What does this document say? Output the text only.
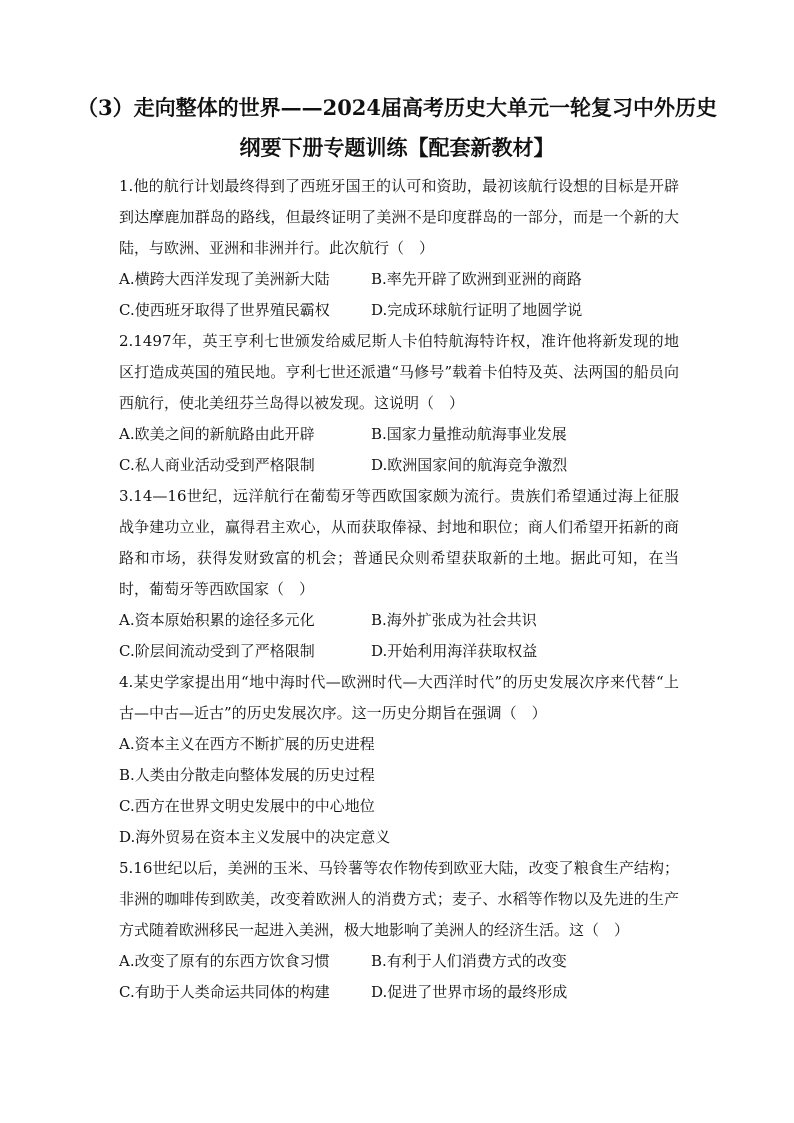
（3）走向整体的世界——2024届高考历史大单元一轮复习中外历史
纲要下册专题训练【配套新教材】

1.他的航行计划最终得到了西班牙国王的认可和资助，最初该航行设想的目标是开辟到达摩鹿加群岛的路线，但最终证明了美洲不是印度群岛的一部分，而是一个新的大陆，与欧洲、亚洲和非洲并行。此次航行（　）

A.横跨大西洋发现了美洲新大陆	B.率先开辟了欧洲到亚洲的商路
C.使西班牙取得了世界殖民霸权	D.完成环球航行证明了地圆学说

2.1497年，英王亨利七世颁发给威尼斯人卡伯特航海特许权，准许他将新发现的地区打造成英国的殖民地。亨利七世还派遣“马修号”载着卡伯特及英、法两国的船员向西航行，使北美纽芬兰岛得以被发现。这说明（　）

A.欧美之间的新航路由此开辟	B.国家力量推动航海事业发展
C.私人商业活动受到严格限制	D.欧洲国家间的航海竞争激烈

3.14—16世纪，远洋航行在葡萄牙等西欧国家颇为流行。贵族们希望通过海上征服战争建功立业，赢得君主欢心，从而获取俸禄、封地和职位；商人们希望开拓新的商路和市场，获得发财致富的机会；普通民众则希望获取新的土地。据此可知，在当时，葡萄牙等西欧国家（　）

A.资本原始积累的途径多元化	B.海外扩张成为社会共识
C.阶层间流动受到了严格限制	D.开始利用海洋获取权益

4.某史学家提出用“地中海时代—欧洲时代—大西洋时代”的历史发展次序来代替“上古—中古—近古”的历史发展次序。这一历史分期旨在强调（　）

A.资本主义在西方不断扩展的历史进程

B.人类由分散走向整体发展的历史过程

C.西方在世界文明史发展中的中心地位

D.海外贸易在资本主义发展中的决定意义

5.16世纪以后，美洲的玉米、马铃薯等农作物传到欧亚大陆，改变了粮食生产结构；非洲的咖啡传到欧美，改变着欧洲人的消费方式；麦子、水稻等作物以及先进的生产方式随着欧洲移民一起进入美洲，极大地影响了美洲人的经济生活。这（　）

A.改变了原有的东西方饮食习惯	B.有利于人们消费方式的改变
C.有助于人类命运共同体的构建	D.促进了世界市场的最终形成
